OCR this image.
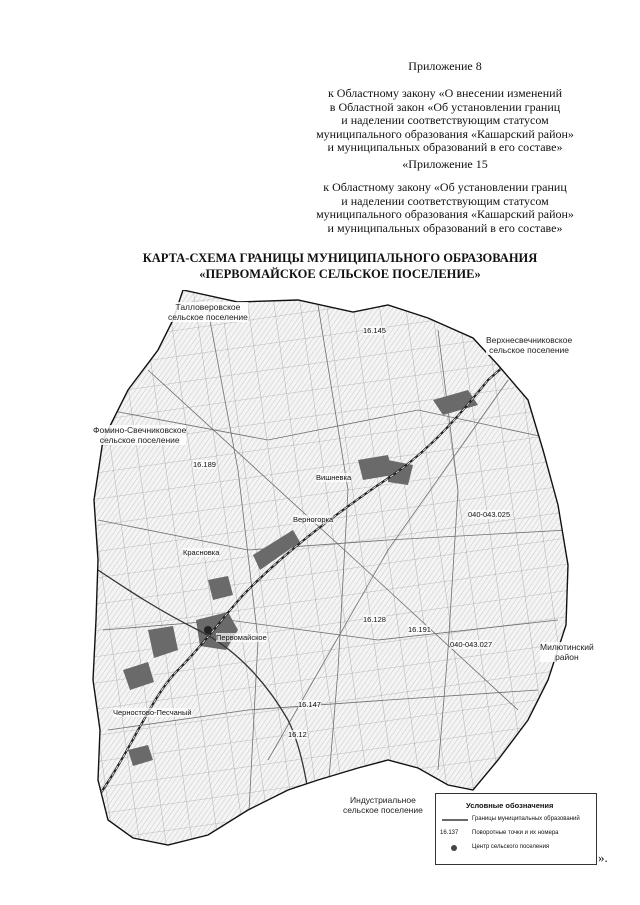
Приложение 8
к Областному закону «О внесении изменений
в Областной закон «Об установлении границ
и наделении соответствующим статусом
муниципального образования «Кашарский район»
и муниципальных образований в его составе»
«Приложение 15
к Областному закону «Об установлении границ
и наделении соответствующим статусом
муниципального образования «Кашарский район»
и муниципальных образований в его составе»
КАРТА-СХЕМА ГРАНИЦЫ МУНИЦИПАЛЬНОГО ОБРАЗОВАНИЯ
«ПЕРВОМАЙСКОЕ СЕЛЬСКОЕ ПОСЕЛЕНИЕ»
Талловеровское
сельское поселение
Верхнесвечниковское
сельское поселение
Фомино-Свечниковское
сельское поселение
Милютинский
район
Индустриальное
сельское поселение
Первомайское
Вишневка
Верногорка
Красновка
Черностово-Песчаный
16.145
16.189
16.128
16.191
16.147
16.12
040-043.027
040-043.025
Условные обозначения
Границы муниципальных образований
16.137	Поворотные точки и их номера
Центр сельского поселения
».
